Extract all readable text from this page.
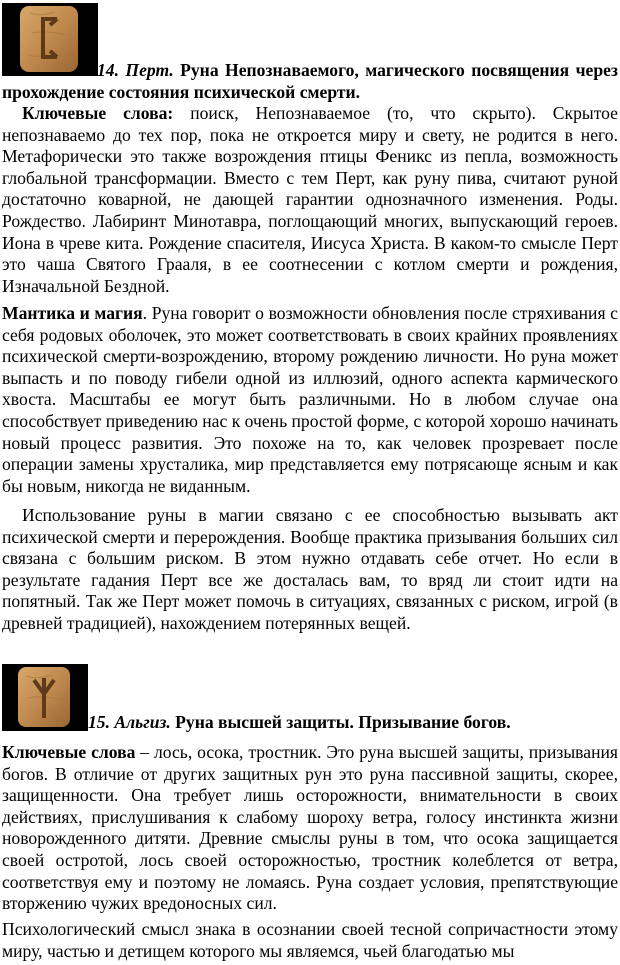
14. Перт. Руна Непознаваемого, магического посвящения через прохождение состояния психической смерти.

Ключевые слова: поиск, Непознаваемое (то, что скрыто). Скрытое непознаваемо до тех пор, пока не откроется миру и свету, не родится в него. Метафорически это также возрождения птицы Феникс из пепла, возможность глобальной трансформации. Вместо с тем Перт, как руну пива, считают руной достаточно коварной, не дающей гарантии однозначного изменения. Роды. Рождество. Лабиринт Минотавра, поглощающий многих, выпускающий героев. Иона в чреве кита. Рождение спасителя, Иисуса Христа. В каком-то смысле Перт это чаша Святого Грааля, в ее соотнесении с котлом смерти и рождения, Изначальной Бездной.

Мантика и магия. Руна говорит о возможности обновления после стряхивания с себя родовых оболочек, это может соответствовать в своих крайних проявлениях психической смерти-возрождению, второму рождению личности. Но руна может выпасть и по поводу гибели одной из иллюзий, одного аспекта кармического хвоста. Масштабы ее могут быть различными. Но в любом случае она способствует приведению нас к очень простой форме, с которой хорошо начинать новый процесс развития. Это похоже на то, как человек прозревает после операции замены хрусталика, мир представляется ему потрясающе ясным и как бы новым, никогда не виданным.

Использование руны в магии связано с ее способностью вызывать акт психической смерти и перерождения. Вообще практика призывания больших сил связана с большим риском. В этом нужно отдавать себе отчет. Но если в результате гадания Перт все же досталась вам, то вряд ли стоит идти на попятный. Так же Перт может помочь в ситуациях, связанных с риском, игрой (в древней традицией), нахождением потерянных вещей.

15. Альгиз. Руна высшей защиты. Призывание богов.

Ключевые слова – лось, осока, тростник. Это руна высшей защиты, призывания богов. В отличие от других защитных рун это руна пассивной защиты, скорее, защищенности. Она требует лишь осторожности, внимательности в своих действиях, прислушивания к слабому шороху ветра, голосу инстинкта жизни новорожденного дитяти. Древние смыслы руны в том, что осока защищается своей остротой, лось своей осторожностью, тростник колеблется от ветра, соответствуя ему и поэтому не ломаясь. Руна создает условия, препятствующие вторжению чужих вредоносных сил.

Психологический смысл знака в осознании своей тесной сопричастности этому миру, частью и детищем которого мы являемся, чьей благодатью мы
